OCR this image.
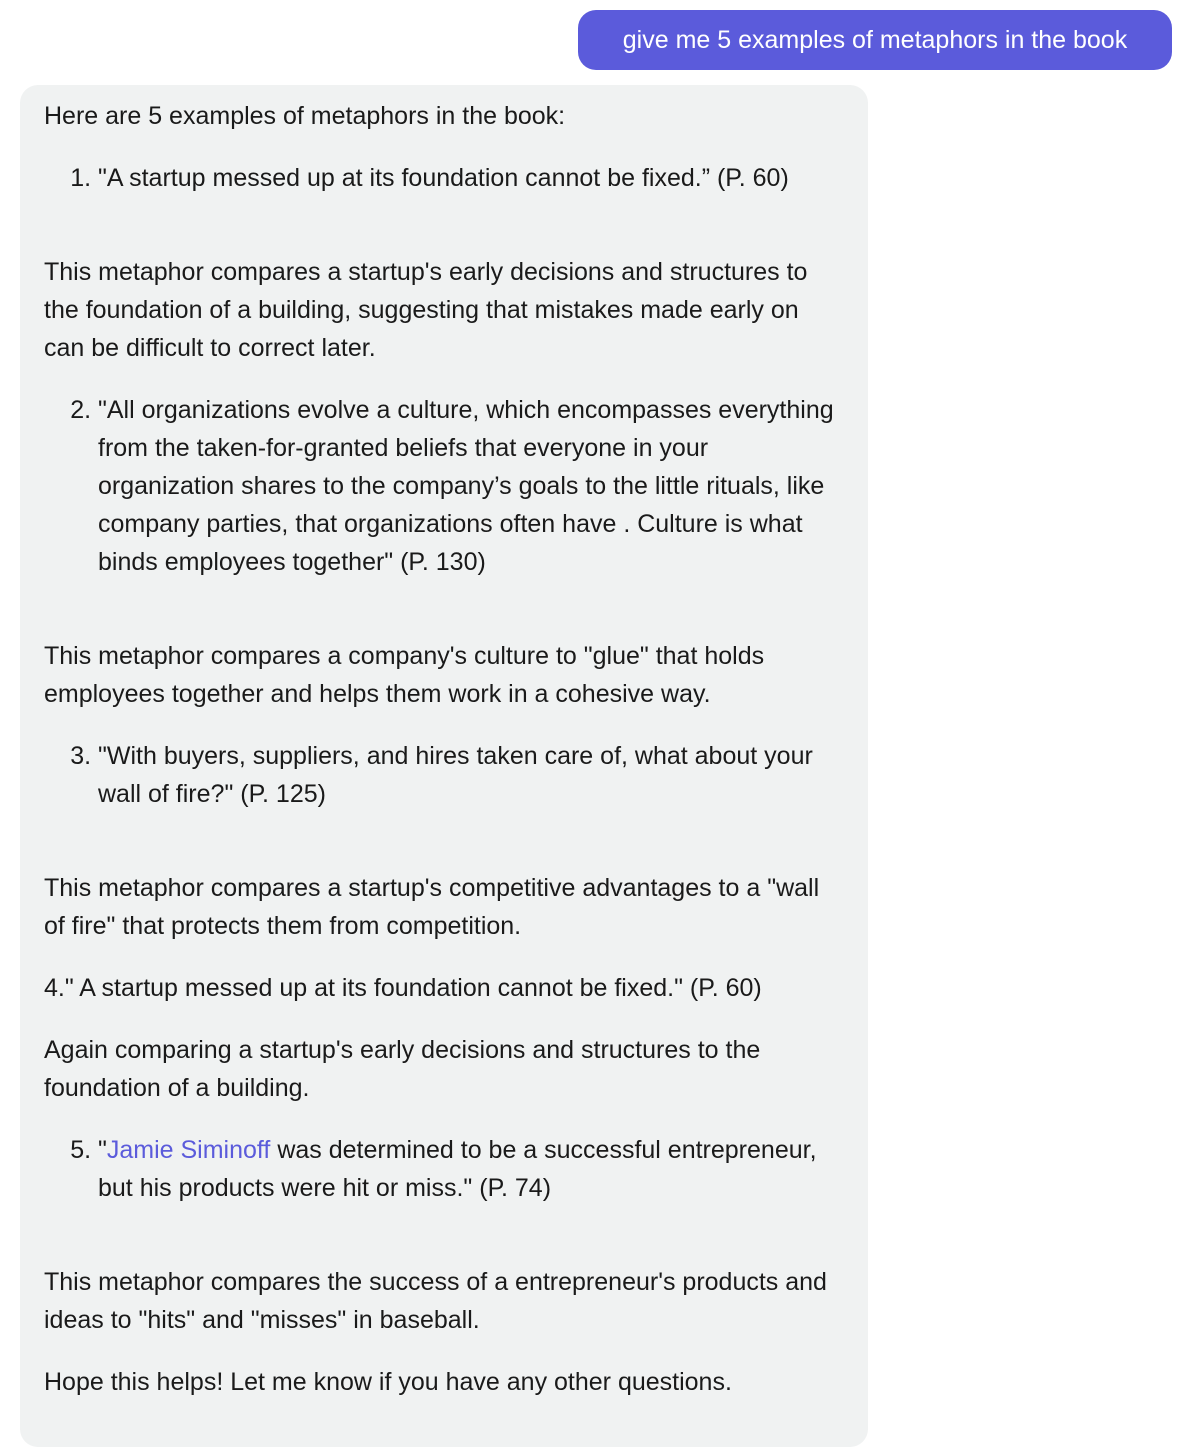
give me 5 examples of metaphors in the book

Here are 5 examples of metaphors in the book:

1. "A startup messed up at its foundation cannot be fixed.” (P. 60)

This metaphor compares a startup's early decisions and structures to the foundation of a building, suggesting that mistakes made early on can be difficult to correct later.

2. "All organizations evolve a culture, which encompasses everything from the taken-for-granted beliefs that everyone in your organization shares to the company’s goals to the little rituals, like company parties, that organizations often have . Culture is what binds employees together" (P. 130)

This metaphor compares a company's culture to "glue" that holds employees together and helps them work in a cohesive way.

3. "With buyers, suppliers, and hires taken care of, what about your wall of fire?" (P. 125)

This metaphor compares a startup's competitive advantages to a "wall of fire" that protects them from competition.

4." A startup messed up at its foundation cannot be fixed." (P. 60)

Again comparing a startup's early decisions and structures to the foundation of a building.

5. "Jamie Siminoff was determined to be a successful entrepreneur, but his products were hit or miss." (P. 74)

This metaphor compares the success of a entrepreneur's products and ideas to "hits" and "misses" in baseball.

Hope this helps! Let me know if you have any other questions.
